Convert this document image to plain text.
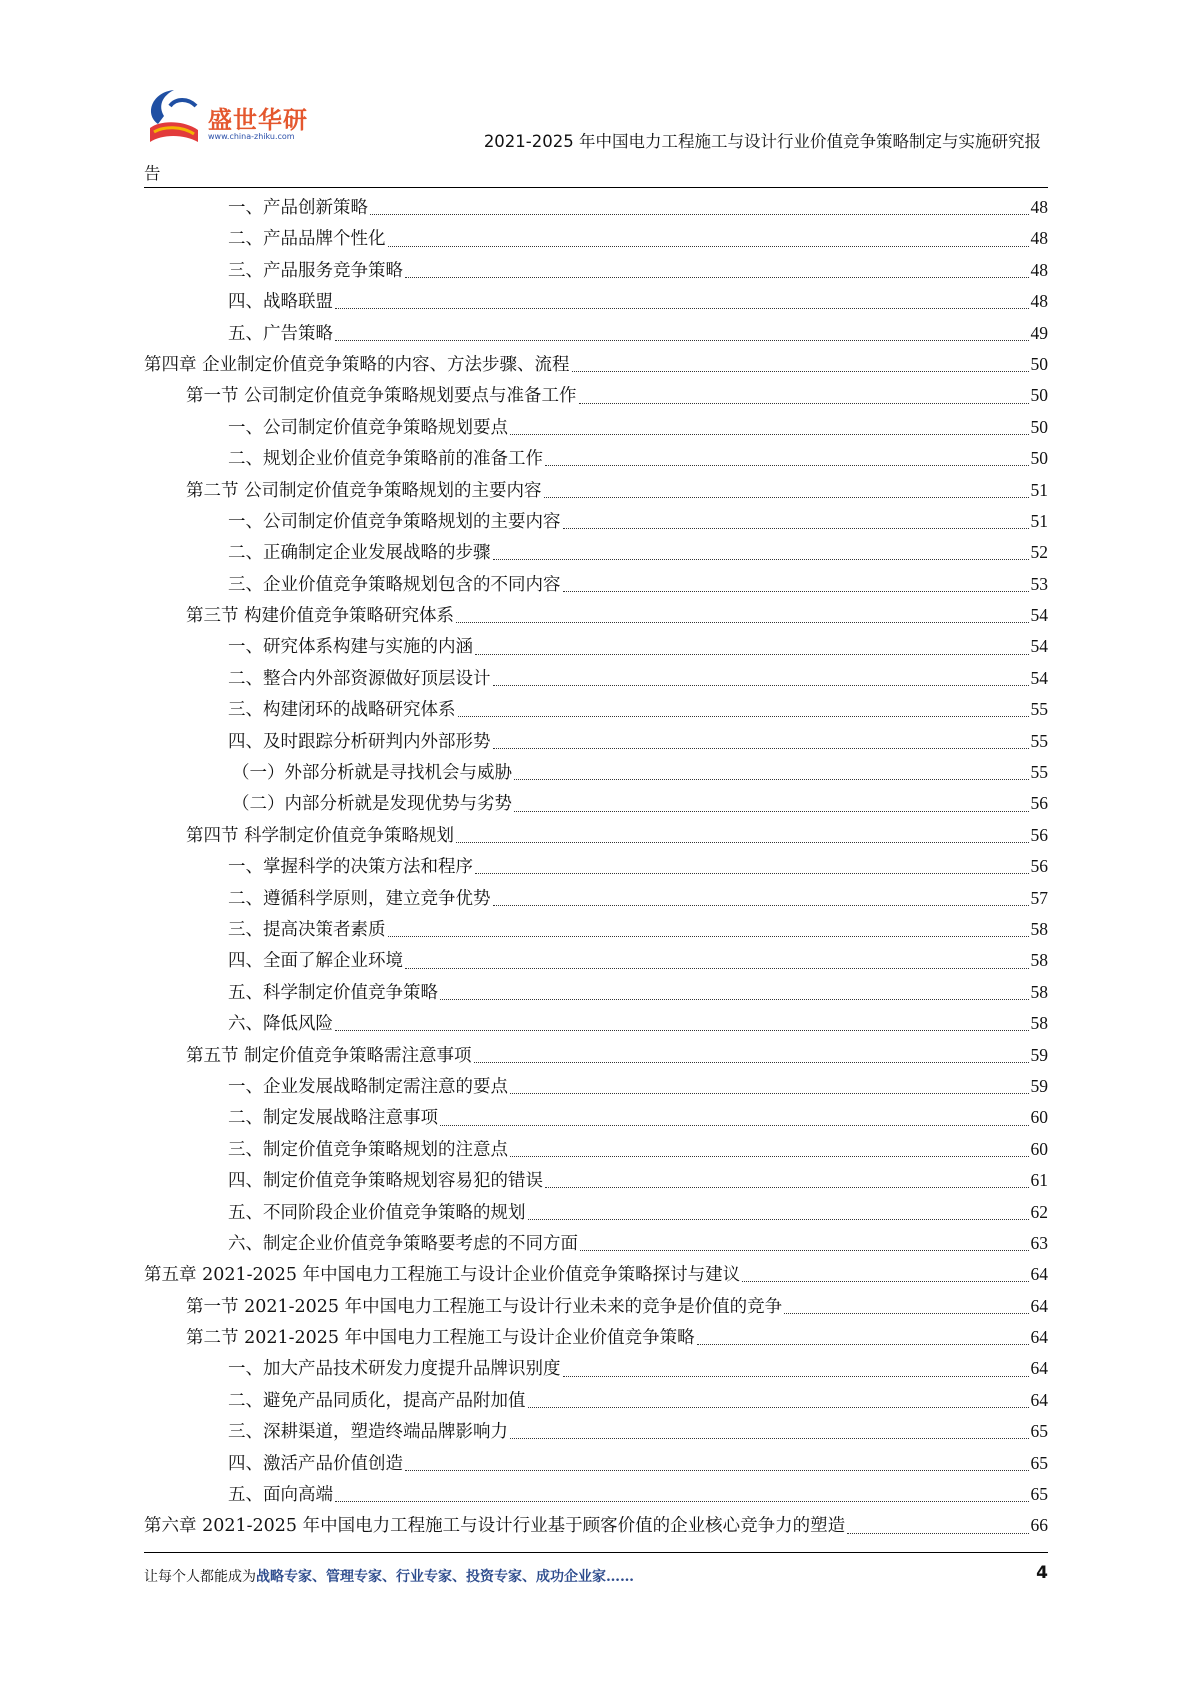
盛世华研
www.china-zhiku.com	2021-2025 年中国电力工程施工与设计行业价值竞争策略制定与实施研究报
告
一、产品创新策略	48
二、产品品牌个性化	48
三、产品服务竞争策略	48
四、战略联盟	48
五、广告策略	49
第四章 企业制定价值竞争策略的内容、方法步骤、流程	50
第一节 公司制定价值竞争策略规划要点与准备工作	50
一、公司制定价值竞争策略规划要点	50
二、规划企业价值竞争策略前的准备工作	50
第二节 公司制定价值竞争策略规划的主要内容	51
一、公司制定价值竞争策略规划的主要内容	51
二、正确制定企业发展战略的步骤	52
三、企业价值竞争策略规划包含的不同内容	53
第三节 构建价值竞争策略研究体系	54
一、研究体系构建与实施的内涵	54
二、整合内外部资源做好顶层设计	54
三、构建闭环的战略研究体系	55
四、及时跟踪分析研判内外部形势	55
（一）外部分析就是寻找机会与威胁	55
（二）内部分析就是发现优势与劣势	56
第四节 科学制定价值竞争策略规划	56
一、掌握科学的决策方法和程序	56
二、遵循科学原则，建立竞争优势	57
三、提高决策者素质	58
四、全面了解企业环境	58
五、科学制定价值竞争策略	58
六、降低风险	58
第五节 制定价值竞争策略需注意事项	59
一、企业发展战略制定需注意的要点	59
二、制定发展战略注意事项	60
三、制定价值竞争策略规划的注意点	60
四、制定价值竞争策略规划容易犯的错误	61
五、不同阶段企业价值竞争策略的规划	62
六、制定企业价值竞争策略要考虑的不同方面	63
第五章 2021-2025 年中国电力工程施工与设计企业价值竞争策略探讨与建议	64
第一节 2021-2025 年中国电力工程施工与设计行业未来的竞争是价值的竞争	64
第二节 2021-2025 年中国电力工程施工与设计企业价值竞争策略	64
一、加大产品技术研发力度提升品牌识别度	64
二、避免产品同质化，提高产品附加值	64
三、深耕渠道，塑造终端品牌影响力	65
四、激活产品价值创造	65
五、面向高端	65
第六章 2021-2025 年中国电力工程施工与设计行业基于顾客价值的企业核心竞争力的塑造	66
让每个人都能成为战略专家、管理专家、行业专家、投资专家、成功企业家……	4
